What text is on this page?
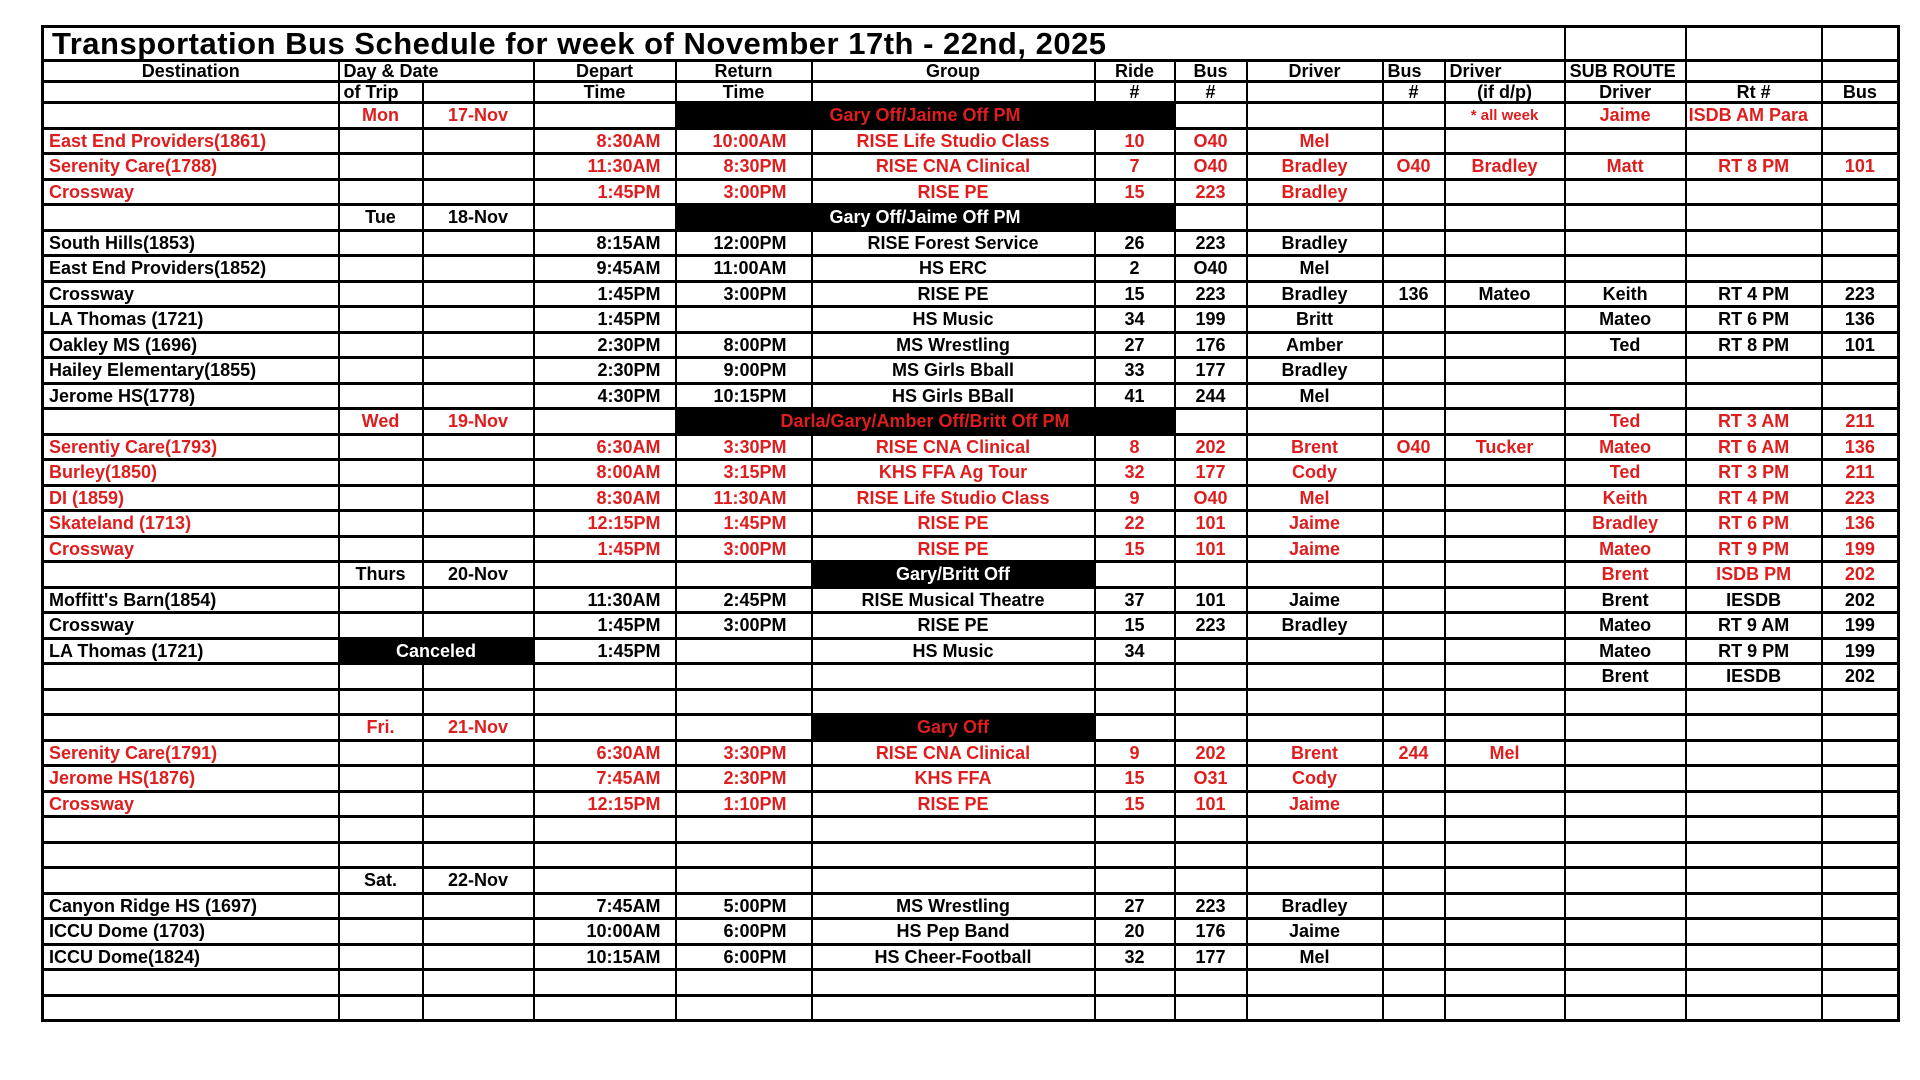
Transportation Bus Schedule for week of November 17th - 22nd, 2025													
Destination	Day & Date		Depart	Return	Group	Ride	Bus	Driver	Bus	Driver	SUB ROUTE		
	of Trip		Time	Time		#	#		#	(if d/p)	Driver	Rt #	Bus
	Mon	17-Nov		Gary Off/Jaime Off PM						* all week	Jaime	ISDB AM Para	
East End Providers(1861)			8:30AM	10:00AM	RISE Life Studio Class	10	O40	Mel					
Serenity Care(1788)			11:30AM	8:30PM	RISE CNA Clinical	7	O40	Bradley	O40	Bradley	Matt	RT 8 PM	101
Crossway			1:45PM	3:00PM	RISE PE	15	223	Bradley					
	Tue	18-Nov		Gary Off/Jaime Off PM									
South Hills(1853)			8:15AM	12:00PM	RISE Forest Service	26	223	Bradley					
East End Providers(1852)			9:45AM	11:00AM	HS ERC	2	O40	Mel					
Crossway			1:45PM	3:00PM	RISE PE	15	223	Bradley	136	Mateo	Keith	RT 4 PM	223
LA Thomas (1721)			1:45PM		HS Music	34	199	Britt			Mateo	RT 6 PM	136
Oakley MS (1696)			2:30PM	8:00PM	MS Wrestling	27	176	Amber			Ted	RT 8 PM	101
Hailey Elementary(1855)			2:30PM	9:00PM	MS Girls Bball	33	177	Bradley					
Jerome HS(1778)			4:30PM	10:15PM	HS Girls BBall	41	244	Mel					
	Wed	19-Nov		Darla/Gary/Amber Off/Britt Off PM							Ted	RT 3 AM	211
Serentiy Care(1793)			6:30AM	3:30PM	RISE CNA Clinical	8	202	Brent	O40	Tucker	Mateo	RT 6 AM	136
Burley(1850)			8:00AM	3:15PM	KHS FFA Ag Tour	32	177	Cody			Ted	RT 3 PM	211
DI (1859)			8:30AM	11:30AM	RISE Life Studio Class	9	O40	Mel			Keith	RT 4 PM	223
Skateland (1713)			12:15PM	1:45PM	RISE PE	22	101	Jaime			Bradley	RT 6 PM	136
Crossway			1:45PM	3:00PM	RISE PE	15	101	Jaime			Mateo	RT 9 PM	199
	Thurs	20-Nov			Gary/Britt Off						Brent	ISDB PM	202
Moffitt's Barn(1854)			11:30AM	2:45PM	RISE Musical Theatre	37	101	Jaime			Brent	IESDB	202
Crossway			1:45PM	3:00PM	RISE PE	15	223	Bradley			Mateo	RT 9 AM	199
LA Thomas (1721)	Canceled		1:45PM		HS Music	34					Mateo	RT 9 PM	199
											Brent	IESDB	202

	Fri.	21-Nov			Gary Off								
Serenity Care(1791)			6:30AM	3:30PM	RISE CNA Clinical	9	202	Brent	244	Mel			
Jerome HS(1876)			7:45AM	2:30PM	KHS FFA	15	O31	Cody					
Crossway			12:15PM	1:10PM	RISE PE	15	101	Jaime					

	Sat.	22-Nov											
Canyon Ridge HS (1697)			7:45AM	5:00PM	MS Wrestling	27	223	Bradley					
ICCU Dome (1703)			10:00AM	6:00PM	HS Pep Band	20	176	Jaime					
ICCU Dome(1824)			10:15AM	6:00PM	HS Cheer-Football	32	177	Mel					
